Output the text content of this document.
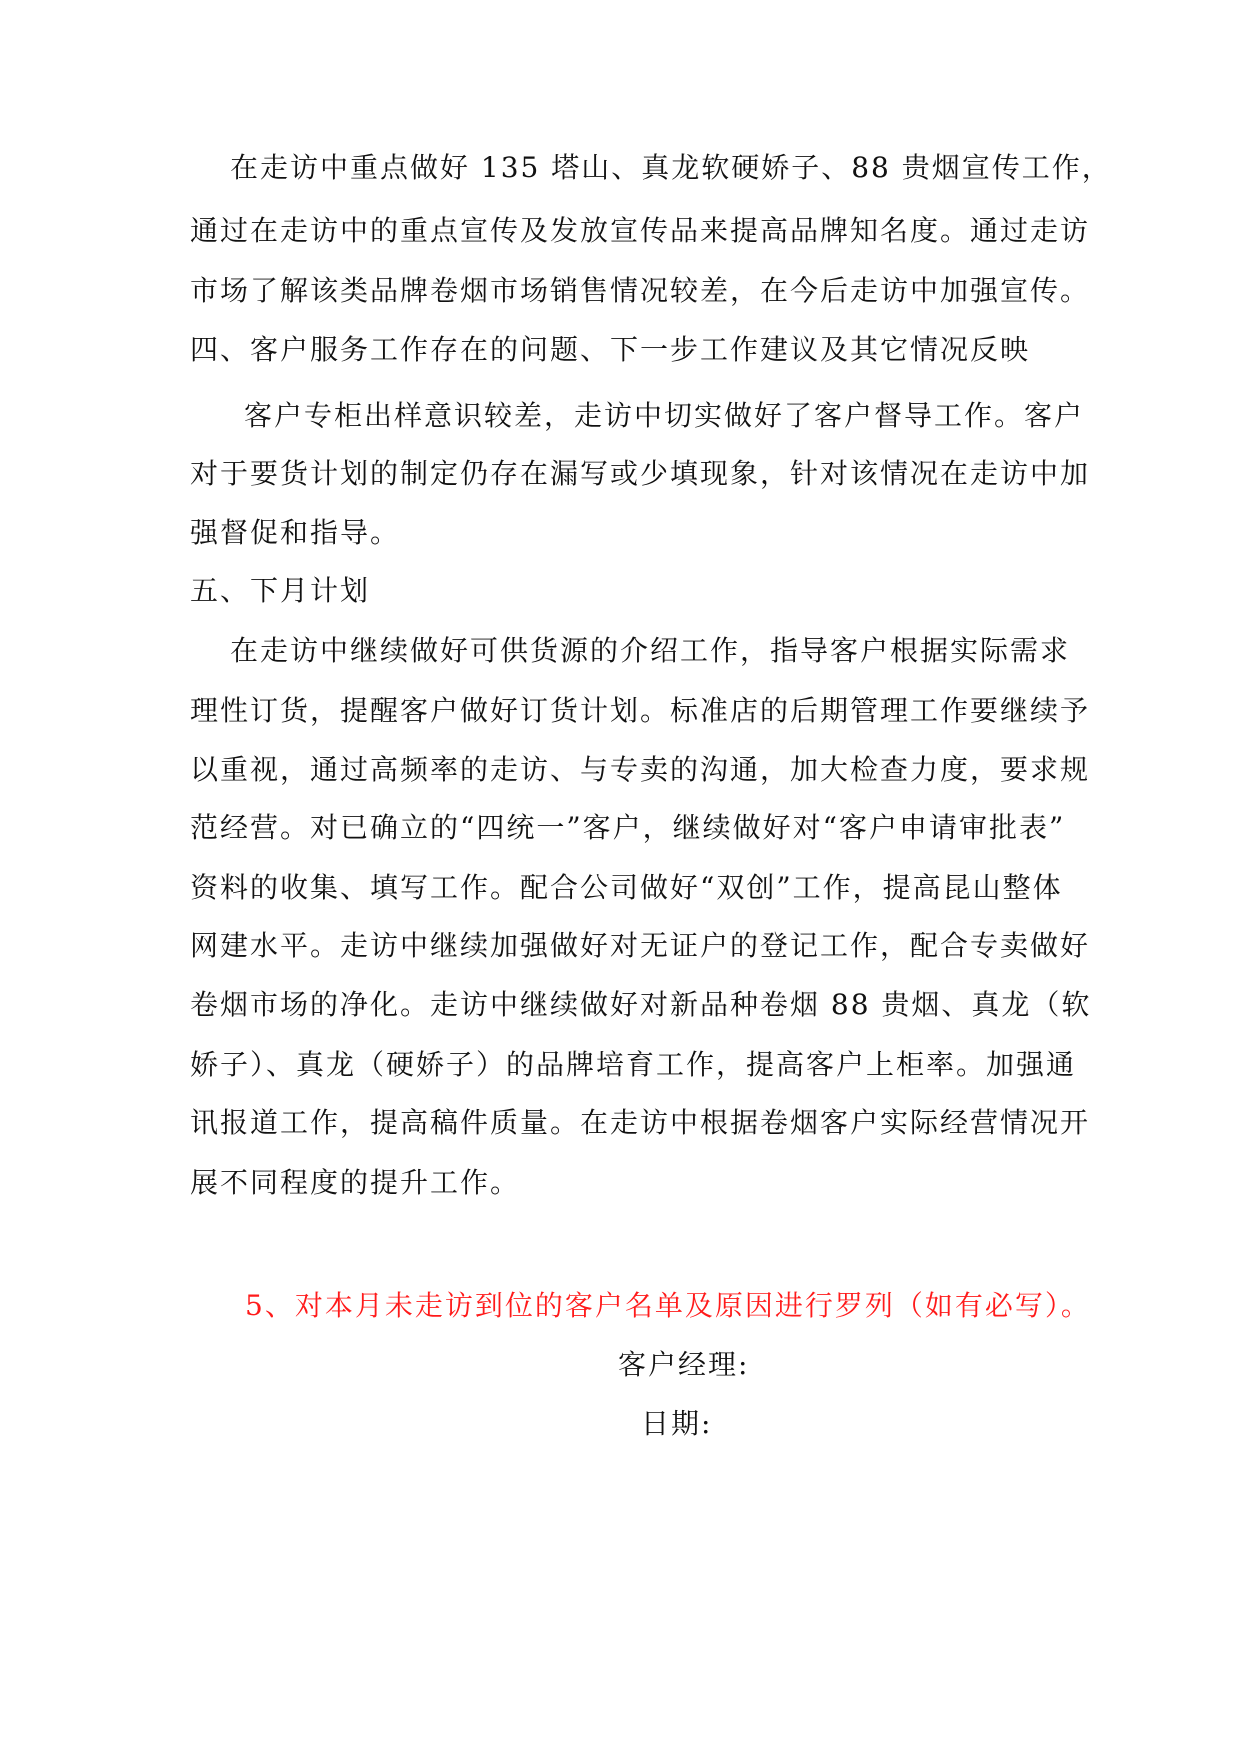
在走访中重点做好 135 塔山、真龙软硬娇子、88 贵烟宣传工作，
通过在走访中的重点宣传及发放宣传品来提高品牌知名度。通过走访
市场了解该类品牌卷烟市场销售情况较差，在今后走访中加强宣传。
四、客户服务工作存在的问题、下一步工作建议及其它情况反映
客户专柜出样意识较差，走访中切实做好了客户督导工作。客户
对于要货计划的制定仍存在漏写或少填现象，针对该情况在走访中加
强督促和指导。
五、下月计划
在走访中继续做好可供货源的介绍工作，指导客户根据实际需求
理性订货，提醒客户做好订货计划。标准店的后期管理工作要继续予
以重视，通过高频率的走访、与专卖的沟通，加大检查力度，要求规
范经营。对已确立的“四统一”客户，继续做好对“客户申请审批表”
资料的收集、填写工作。配合公司做好“双创”工作，提高昆山整体
网建水平。走访中继续加强做好对无证户的登记工作，配合专卖做好
卷烟市场的净化。走访中继续做好对新品种卷烟 88 贵烟、真龙（软
娇子）、真龙（硬娇子）的品牌培育工作，提高客户上柜率。加强通
讯报道工作，提高稿件质量。在走访中根据卷烟客户实际经营情况开
展不同程度的提升工作。
5、对本月未走访到位的客户名单及原因进行罗列（如有必写）。
客户经理:
日期:
